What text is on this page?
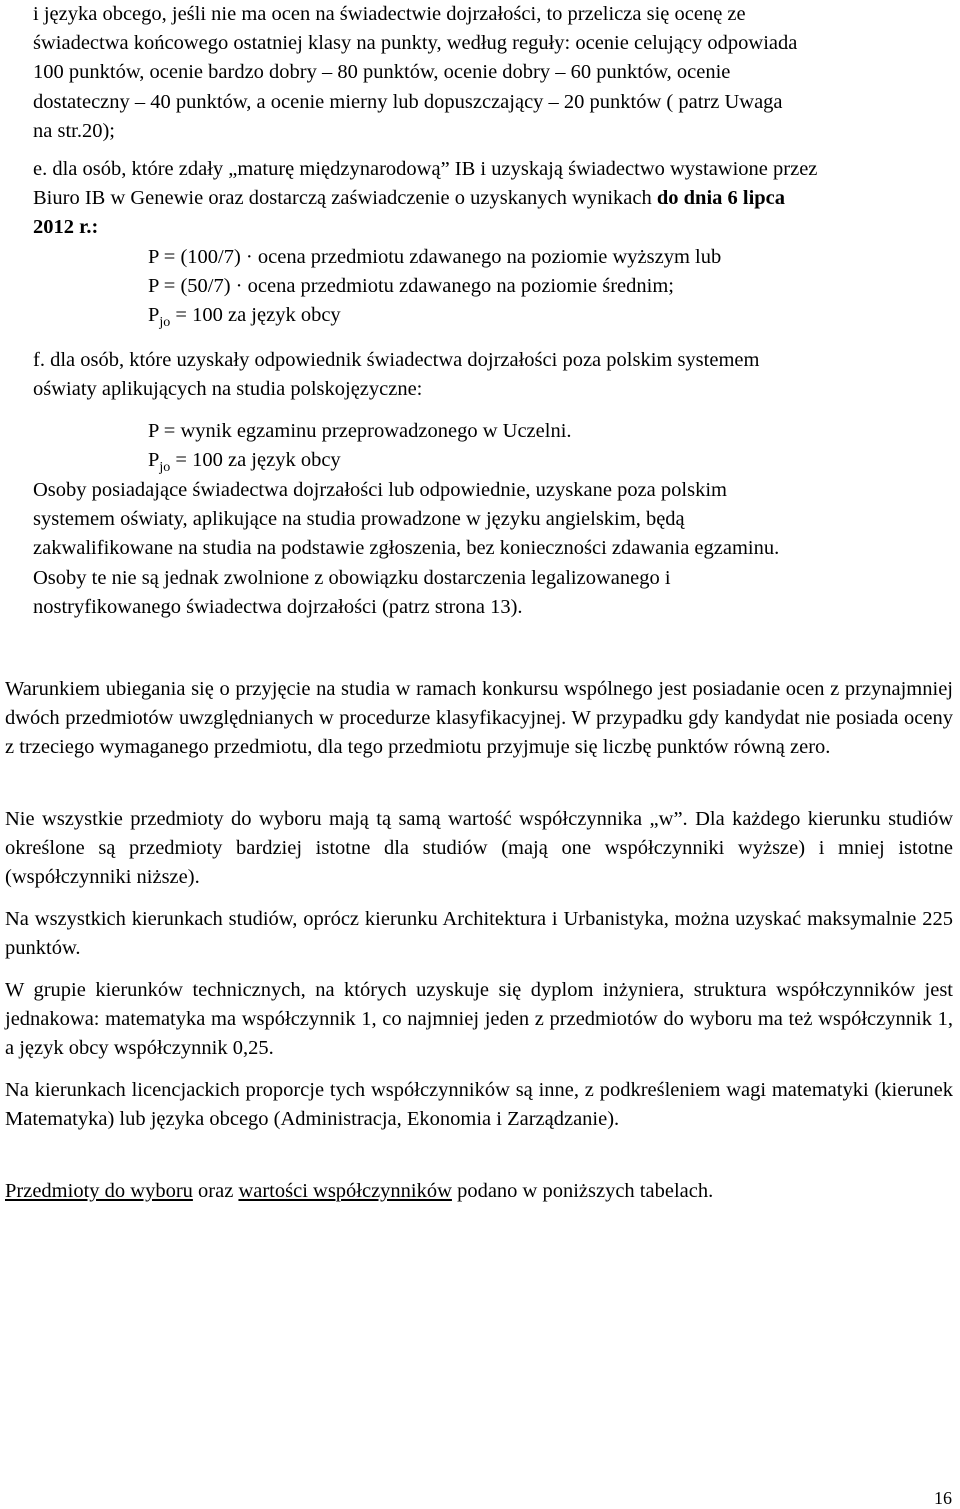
i języka obcego, jeśli nie ma ocen na świadectwie dojrzałości, to przelicza się ocenę ze
świadectwa końcowego ostatniej klasy na punkty, według reguły: ocenie celujący odpowiada
100 punktów, ocenie bardzo dobry – 80 punktów, ocenie dobry – 60 punktów, ocenie
dostateczny – 40 punktów, a ocenie mierny lub dopuszczający – 20 punktów ( patrz Uwaga
na str.20);
e. dla osób, które zdały „maturę międzynarodową” IB i uzyskają świadectwo wystawione przez
Biuro IB w Genewie oraz dostarczą zaświadczenie o uzyskanych wynikach do dnia 6 lipca
2012 r.:
P = (100/7) · ocena przedmiotu zdawanego na poziomie wyższym lub
P = (50/7) · ocena przedmiotu zdawanego na poziomie średnim;
$P_{jo} = 100$ za język obcy
f. dla osób, które uzyskały odpowiednik świadectwa dojrzałości poza polskim systemem
oświaty aplikujących na studia polskojęzyczne:
P = wynik egzaminu przeprowadzonego w Uczelni.
$P_{jo} = 100$ za język obcy
Osoby posiadające świadectwa dojrzałości lub odpowiednie, uzyskane poza polskim
systemem oświaty, aplikujące na studia prowadzone w języku angielskim, będą
zakwalifikowane na studia na podstawie zgłoszenia, bez konieczności zdawania egzaminu.
Osoby te nie są jednak zwolnione z obowiązku dostarczenia legalizowanego i
nostryfikowanego świadectwa dojrzałości (patrz strona 13).

Warunkiem ubiegania się o przyjęcie na studia w ramach konkursu wspólnego jest posiadanie ocen z przynajmniej dwóch przedmiotów uwzględnianych w procedurze klasyfikacyjnej. W przypadku gdy kandydat nie posiada oceny z trzeciego wymaganego przedmiotu, dla tego przedmiotu przyjmuje się liczbę punktów równą zero.

Nie wszystkie przedmioty do wyboru mają tą samą wartość współczynnika „w”. Dla każdego kierunku studiów określone są przedmioty bardziej istotne dla studiów (mają one współczynniki wyższe) i mniej istotne (współczynniki niższe).

Na wszystkich kierunkach studiów, oprócz kierunku Architektura i Urbanistyka, można uzyskać maksymalnie 225 punktów.

W grupie kierunków technicznych, na których uzyskuje się dyplom inżyniera, struktura współczynników jest jednakowa: matematyka ma współczynnik 1, co najmniej jeden z przedmiotów do wyboru ma też współczynnik 1, a język obcy współczynnik 0,25.

Na kierunkach licencjackich proporcje tych współczynników są inne, z podkreśleniem wagi matematyki (kierunek Matematyka) lub języka obcego (Administracja, Ekonomia i Zarządzanie).

Przedmioty do wyboru oraz wartości współczynników podano w poniższych tabelach.

16
